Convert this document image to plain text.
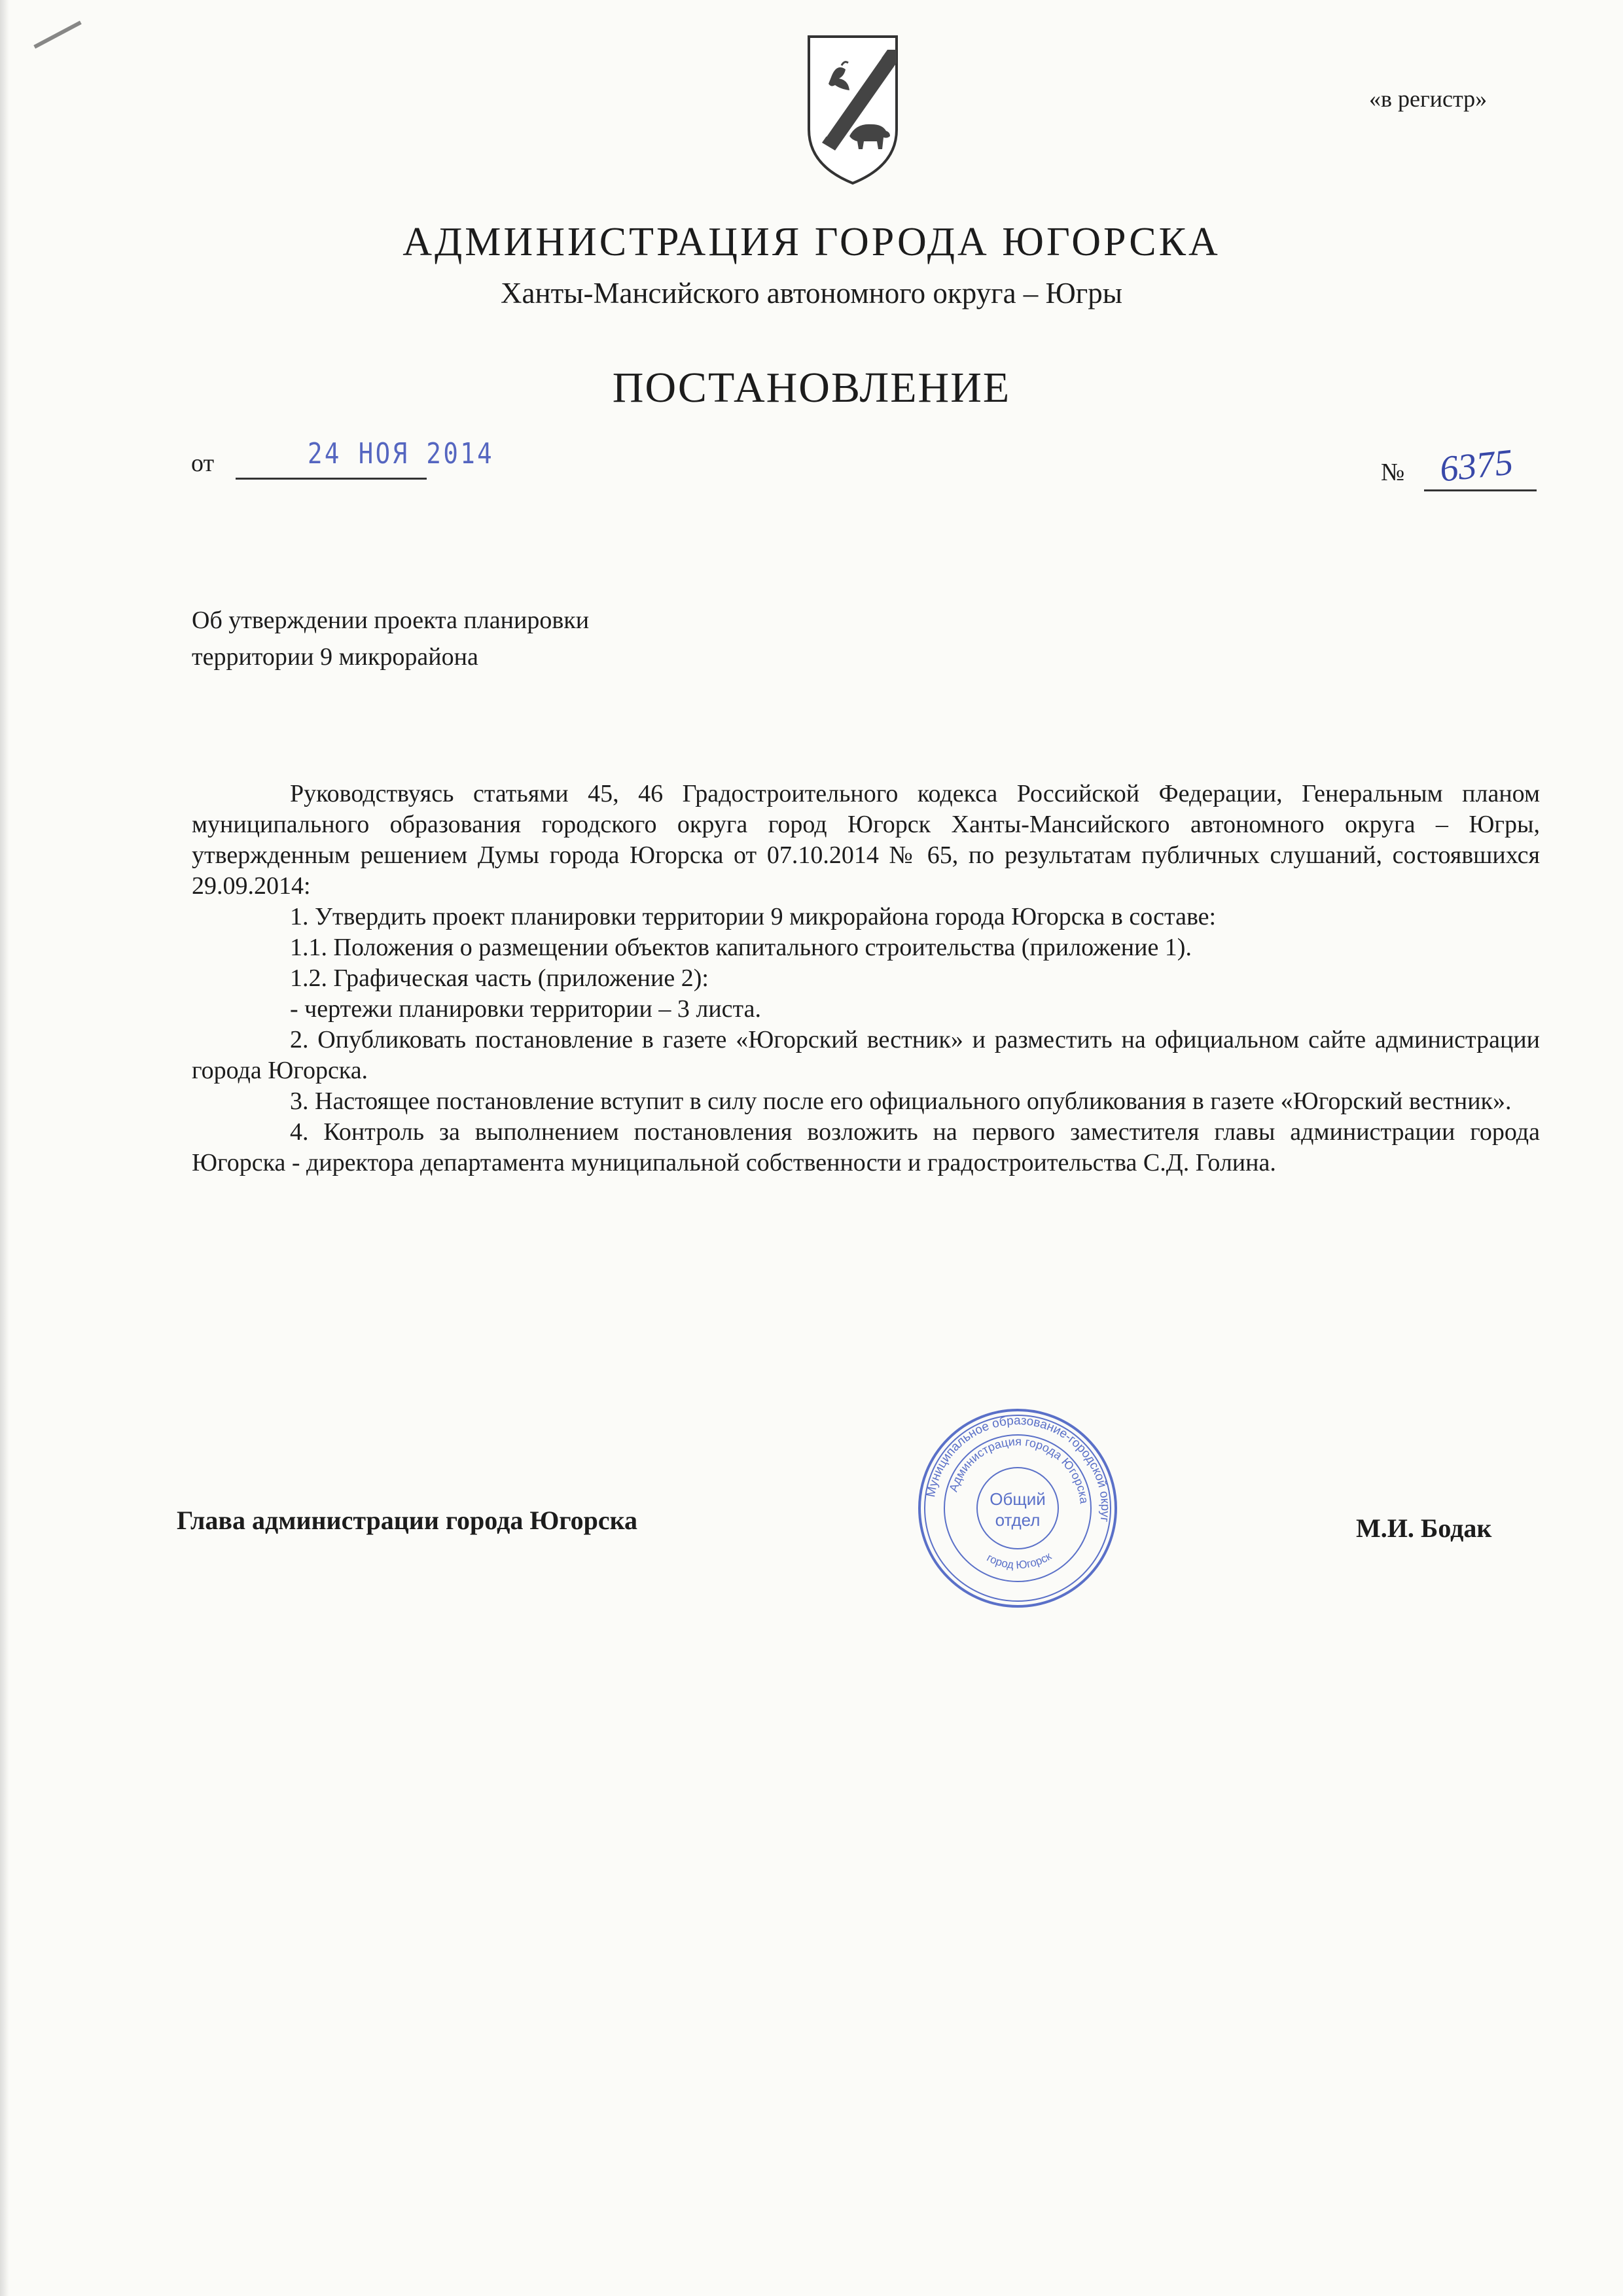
«в регистр»
АДМИНИСТРАЦИЯ ГОРОДА ЮГОРСКА
Ханты-Мансийского автономного округа – Югры
ПОСТАНОВЛЕНИЕ
от	24 НОЯ 2014
№ 6375
Об утверждении проекта планировки
территории 9 микрорайона

Руководствуясь статьями 45, 46 Градостроительного кодекса Российской Федерации, Генеральным планом муниципального образования городского округа город Югорск Ханты-Мансийского автономного округа – Югры, утвержденным решением Думы города Югорска от 07.10.2014 № 65, по результатам публичных слушаний, состоявшихся 29.09.2014:

1. Утвердить проект планировки территории 9 микрорайона города Югорска в составе:

1.1. Положения о размещении объектов капитального строительства (приложение 1).

1.2. Графическая часть (приложение 2):

- чертежи планировки территории – 3 листа.

2. Опубликовать постановление в газете «Югорский вестник» и разместить на официальном сайте администрации города Югорска.

3. Настоящее постановление вступит в силу после его официального опубликования в газете «Югорский вестник».

4. Контроль за выполнением постановления возложить на первого заместителя главы администрации города Югорска - директора департамента муниципальной собственности и градостроительства С.Д. Голина.

Глава администрации города Югорска	М.И. Бодак
Муниципальное образование-городской округ
Администрация города Югорска
город Югорск
Общий
отдел
